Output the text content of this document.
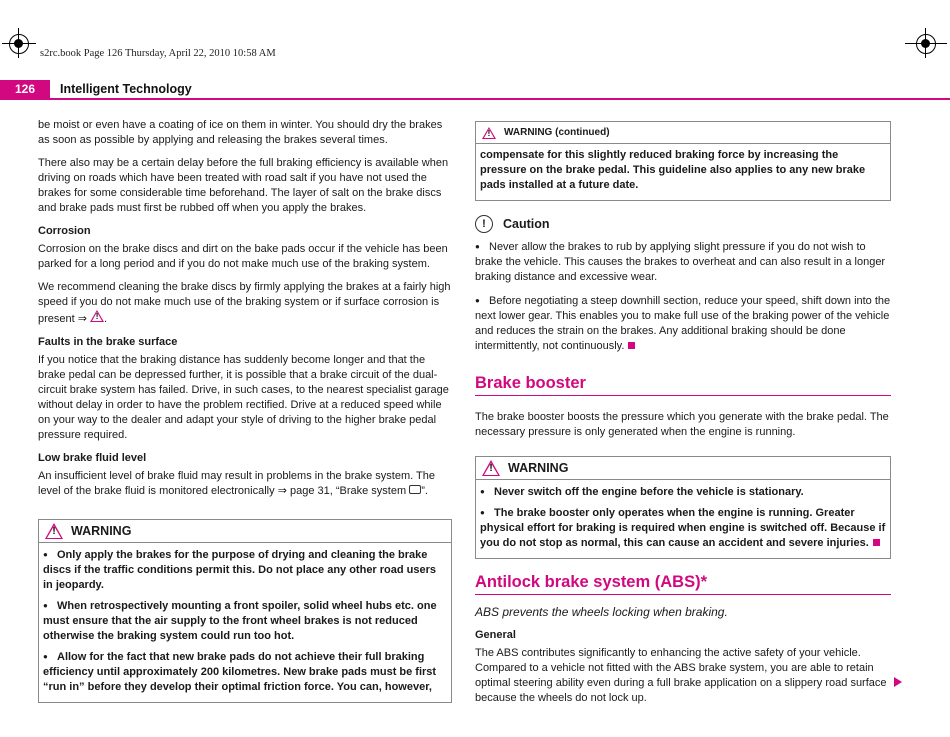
s2rc.book Page 126 Thursday, April 22, 2010 10:58 AM
126	Intelligent Technology

be moist or even have a coating of ice on them in winter. You should dry the brakes as soon as possible by applying and releasing the brakes several times.

There also may be a certain delay before the full braking efficiency is available when driving on roads which have been treated with road salt if you have not used the brakes for some considerable time beforehand. The layer of salt on the brake discs and brake pads must first be rubbed off when you apply the brakes.

Corrosion

Corrosion on the brake discs and dirt on the bake pads occur if the vehicle has been parked for a long period and if you do not make much use of the braking system.

We recommend cleaning the brake discs by firmly applying the brakes at a fairly high speed if you do not make much use of the braking system or if surface corrosion is present ⇒ ! .

Faults in the brake surface

If you notice that the braking distance has suddenly become longer and that the brake pedal can be depressed further, it is possible that a brake circuit of the dual-circuit brake system has failed. Drive, in such cases, to the nearest specialist garage without delay in order to have the problem rectified. Drive at a reduced speed while on your way to the dealer and adapt your style of driving to the higher brake pedal pressure required.

Low brake fluid level

An insufficient level of brake fluid may result in problems in the brake system. The level of the brake fluid is monitored electronically ⇒ page 31, “Brake system ”.

! WARNING

● Only apply the brakes for the purpose of drying and cleaning the brake discs if the traffic conditions permit this. Do not place any other road users in jeopardy.

● When retrospectively mounting a front spoiler, solid wheel hubs etc. one must ensure that the air supply to the front wheel brakes is not reduced otherwise the braking system could run too hot.

● Allow for the fact that new brake pads do not achieve their full braking efficiency until approximately 200 kilometres. New brake pads must be first “run in” before they develop their optimal friction force. You can, however,

! WARNING (continued)

compensate for this slightly reduced braking force by increasing the pressure on the brake pedal. This guideline also applies to any new brake pads installed at a future date.

!	Caution

● Never allow the brakes to rub by applying slight pressure if you do not wish to brake the vehicle. This causes the brakes to overheat and can also result in a longer braking distance and excessive wear.

● Before negotiating a steep downhill section, reduce your speed, shift down into the next lower gear. This enables you to make full use of the braking power of the vehicle and reduces the strain on the brakes. Any additional braking should be done intermittently, not continuously.

Brake booster

The brake booster boosts the pressure which you generate with the brake pedal. The necessary pressure is only generated when the engine is running.

! WARNING

● Never switch off the engine before the vehicle is stationary.

● The brake booster only operates when the engine is running. Greater physical effort for braking is required when engine is switched off. Because if you do not stop as normal, this can cause an accident and severe injuries.

Antilock brake system (ABS)*
ABS prevents the wheels locking when braking.
General

The ABS contributes significantly to enhancing the active safety of your vehicle. Compared to a vehicle not fitted with the ABS brake system, you are able to retain optimal steering ability even during a full brake application on a slippery road surface because the wheels do not lock up.
